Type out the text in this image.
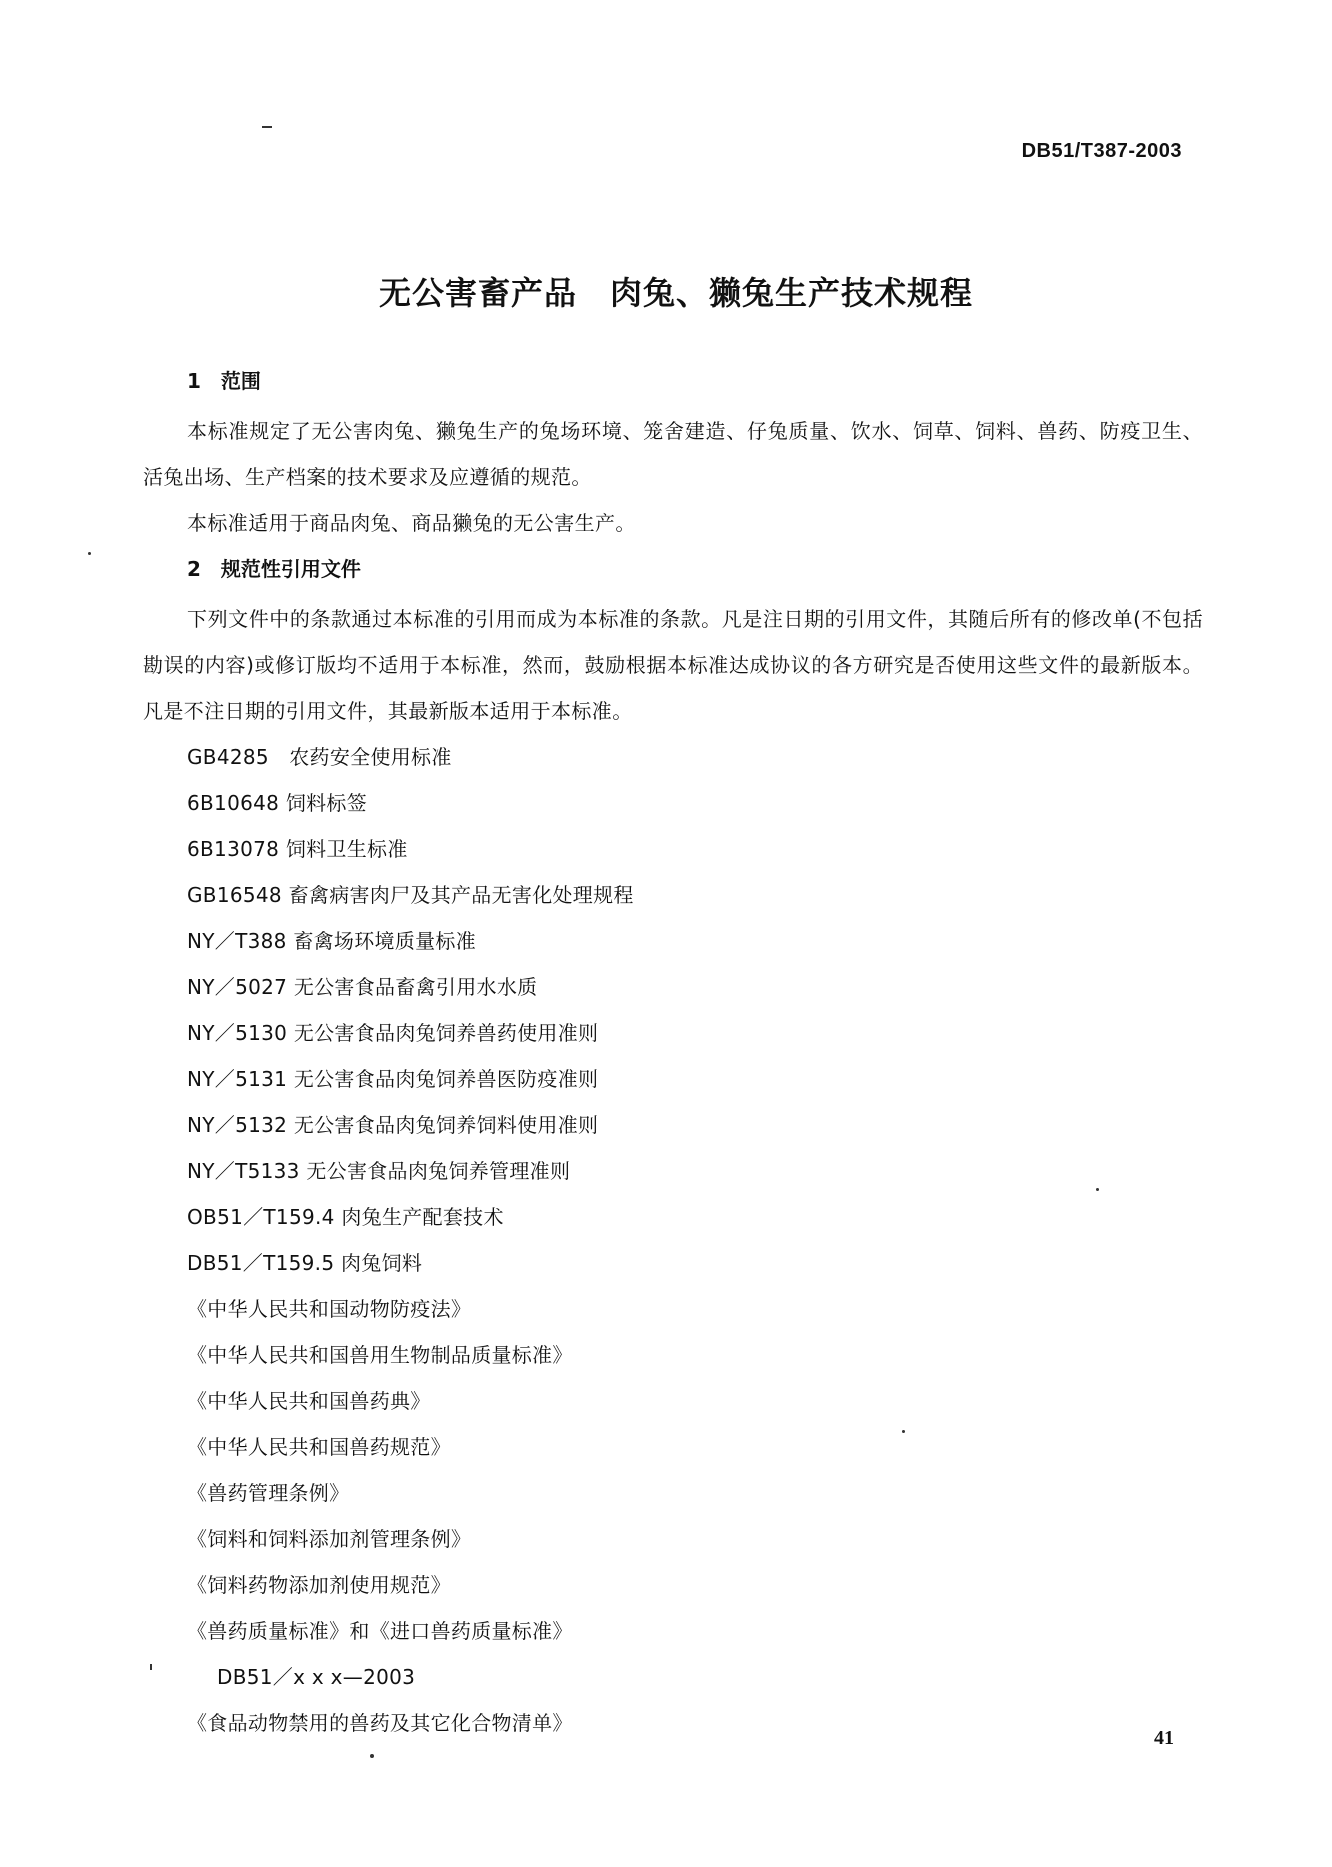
DB51/T387-2003
无公害畜产品　肉兔、獭兔生产技术规程
1　范围

本标准规定了无公害肉兔、獭兔生产的兔场环境、笼舍建造、仔兔质量、饮水、饲草、饲料、兽药、防疫卫生、活兔出场、生产档案的技术要求及应遵循的规范。

本标准适用于商品肉兔、商品獭兔的无公害生产。

2　规范性引用文件

下列文件中的条款通过本标准的引用而成为本标准的条款。凡是注日期的引用文件，其随后所有的修改单(不包括勘误的内容)或修订版均不适用于本标准，然而，鼓励根据本标准达成协议的各方研究是否使用这些文件的最新版本。凡是不注日期的引用文件，其最新版本适用于本标准。

GB4285　农药安全使用标准
6B10648 饲料标签
6B13078 饲料卫生标准
GB16548 畜禽病害肉尸及其产品无害化处理规程
NY／T388 畜禽场环境质量标准
NY／5027 无公害食品畜禽引用水水质
NY／5130 无公害食品肉兔饲养兽药使用准则
NY／5131 无公害食品肉兔饲养兽医防疫准则
NY／5132 无公害食品肉兔饲养饲料使用准则
NY／T5133 无公害食品肉兔饲养管理准则
OB51／T159.4 肉兔生产配套技术
DB51／T159.5 肉兔饲料
《中华人民共和国动物防疫法》
《中华人民共和国兽用生物制品质量标准》
《中华人民共和国兽药典》
《中华人民共和国兽药规范》
《兽药管理条例》
《饲料和饲料添加剂管理条例》
《饲料药物添加剂使用规范》
《兽药质量标准》和《进口兽药质量标准》
DB51／x x x—2003
《食品动物禁用的兽药及其它化合物清单》
41
